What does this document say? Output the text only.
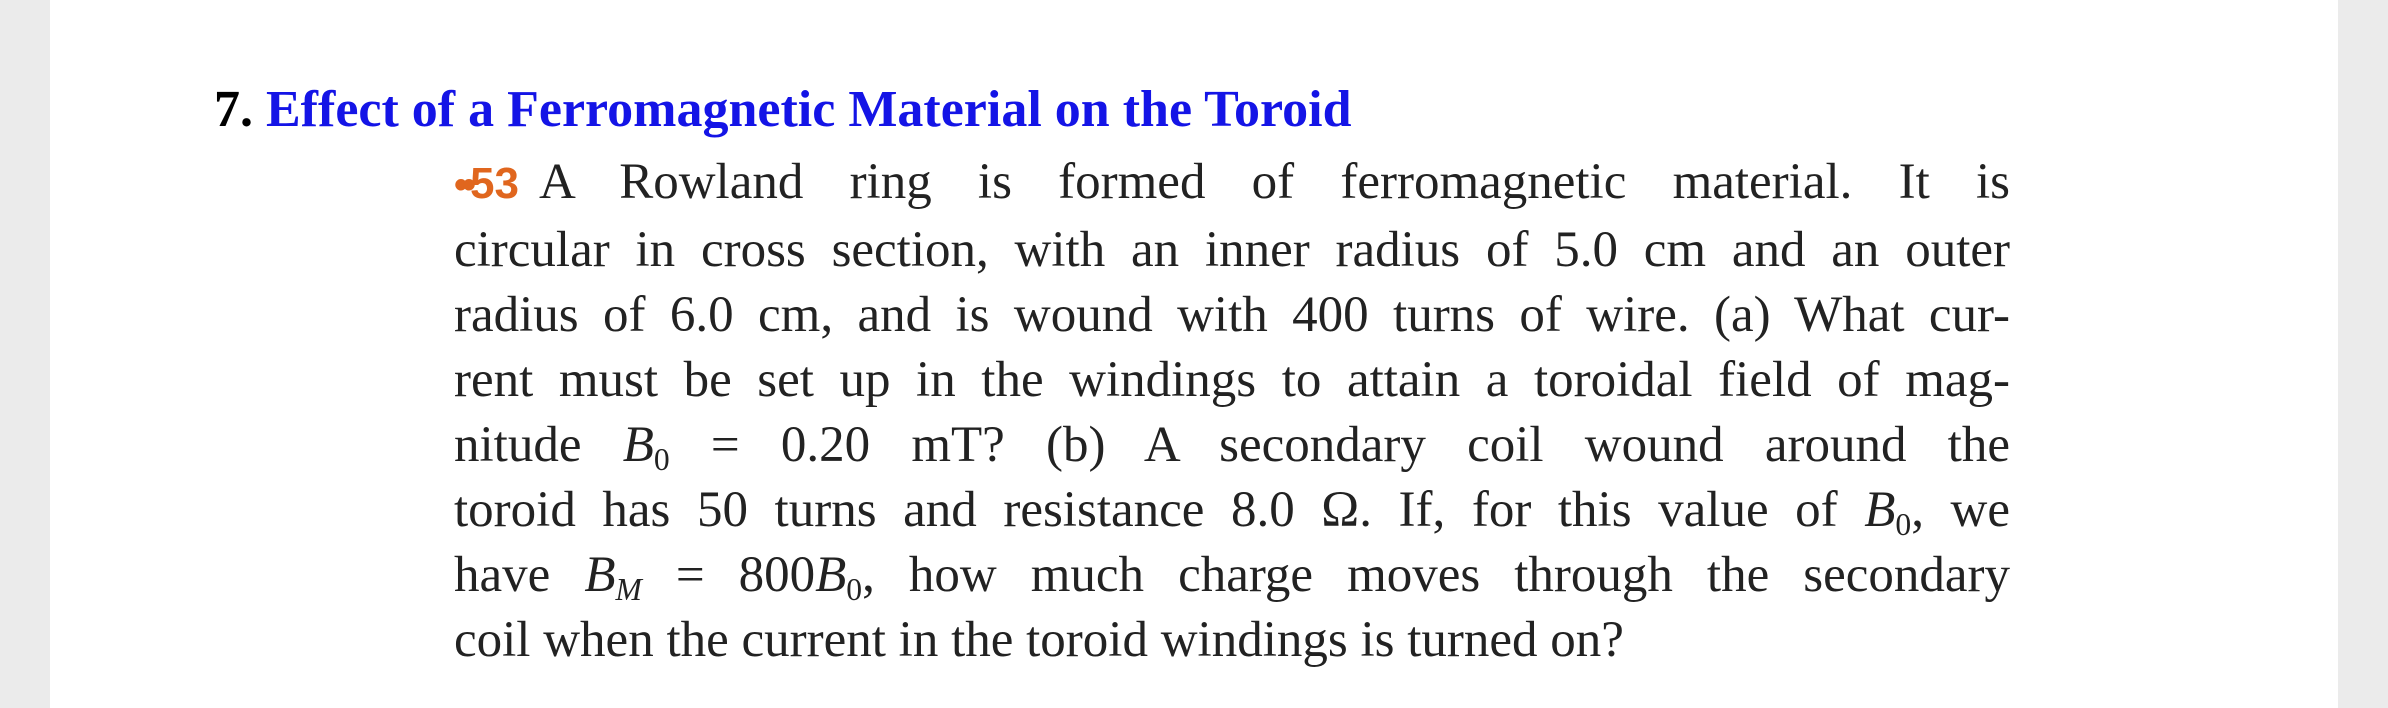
7. Effect of a Ferromagnetic Material on the Toroid
••53 A Rowland ring is formed of ferromagnetic material. It is
circular in cross section, with an inner radius of 5.0 cm and an outer
radius of 6.0 cm, and is wound with 400 turns of wire. (a) What cur-
rent must be set up in the windings to attain a toroidal field of mag-
nitude $B_0 = 0.20$ mT? (b) A secondary coil wound around the
toroid has 50 turns and resistance 8.0 Ω. If, for this value of $B_0$, we
have $B_M = 800B_0$, how much charge moves through the secondary
coil when the current in the toroid windings is turned on?
